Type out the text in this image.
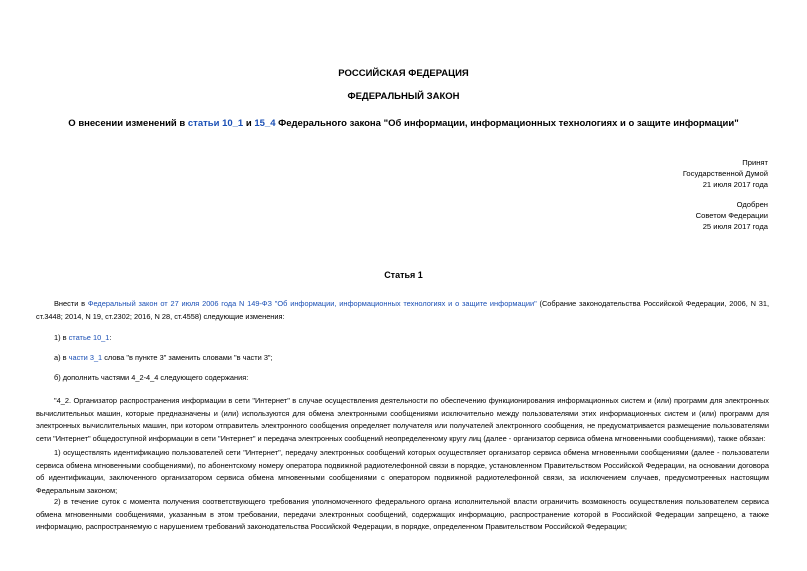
РОССИЙСКАЯ ФЕДЕРАЦИЯ
ФЕДЕРАЛЬНЫЙ ЗАКОН
О внесении изменений в статьи 10_1 и 15_4 Федерального закона "Об информации, информационных технологиях и о защите информации"
Принят
Государственной Думой
21 июля 2017 года
Одобрен
Советом Федерации
25 июля 2017 года
Статья 1
Внести в Федеральный закон от 27 июля 2006 года N 149-ФЗ "Об информации, информационных технологиях и о защите информации" (Собрание законодательства Российской Федерации, 2006, N 31, ст.3448; 2014, N 19, ст.2302; 2016, N 28, ст.4558) следующие изменения:
1) в статье 10_1:
а) в части 3_1 слова "в пункте 3" заменить словами "в части 3";
б) дополнить частями 4_2-4_4 следующего содержания:
"4_2. Организатор распространения информации в сети "Интернет" в случае осуществления деятельности по обеспечению функционирования информационных систем и (или) программ для электронных вычислительных машин, которые предназначены и (или) используются для обмена электронными сообщениями исключительно между пользователями этих информационных систем и (или) программ для электронных вычислительных машин, при котором отправитель электронного сообщения определяет получателя или получателей электронного сообщения, не предусматривается размещение пользователями сети "Интернет" общедоступной информации в сети "Интернет" и передача электронных сообщений неопределенному кругу лиц (далее - организатор сервиса обмена мгновенными сообщениями), также обязан:
1) осуществлять идентификацию пользователей сети "Интернет", передачу электронных сообщений которых осуществляет организатор сервиса обмена мгновенными сообщениями (далее - пользователи сервиса обмена мгновенными сообщениями), по абонентскому номеру оператора подвижной радиотелефонной связи в порядке, установленном Правительством Российской Федерации, на основании договора об идентификации, заключенного организатором сервиса обмена мгновенными сообщениями с оператором подвижной радиотелефонной связи, за исключением случаев, предусмотренных настоящим Федеральным законом;
2) в течение суток с момента получения соответствующего требования уполномоченного федерального органа исполнительной власти ограничить возможность осуществления пользователем сервиса обмена мгновенными сообщениями, указанным в этом требовании, передачи электронных сообщений, содержащих информацию, распространение которой в Российской Федерации запрещено, а также информацию, распространяемую с нарушением требований законодательства Российской Федерации, в порядке, определенном Правительством Российской Федерации;
